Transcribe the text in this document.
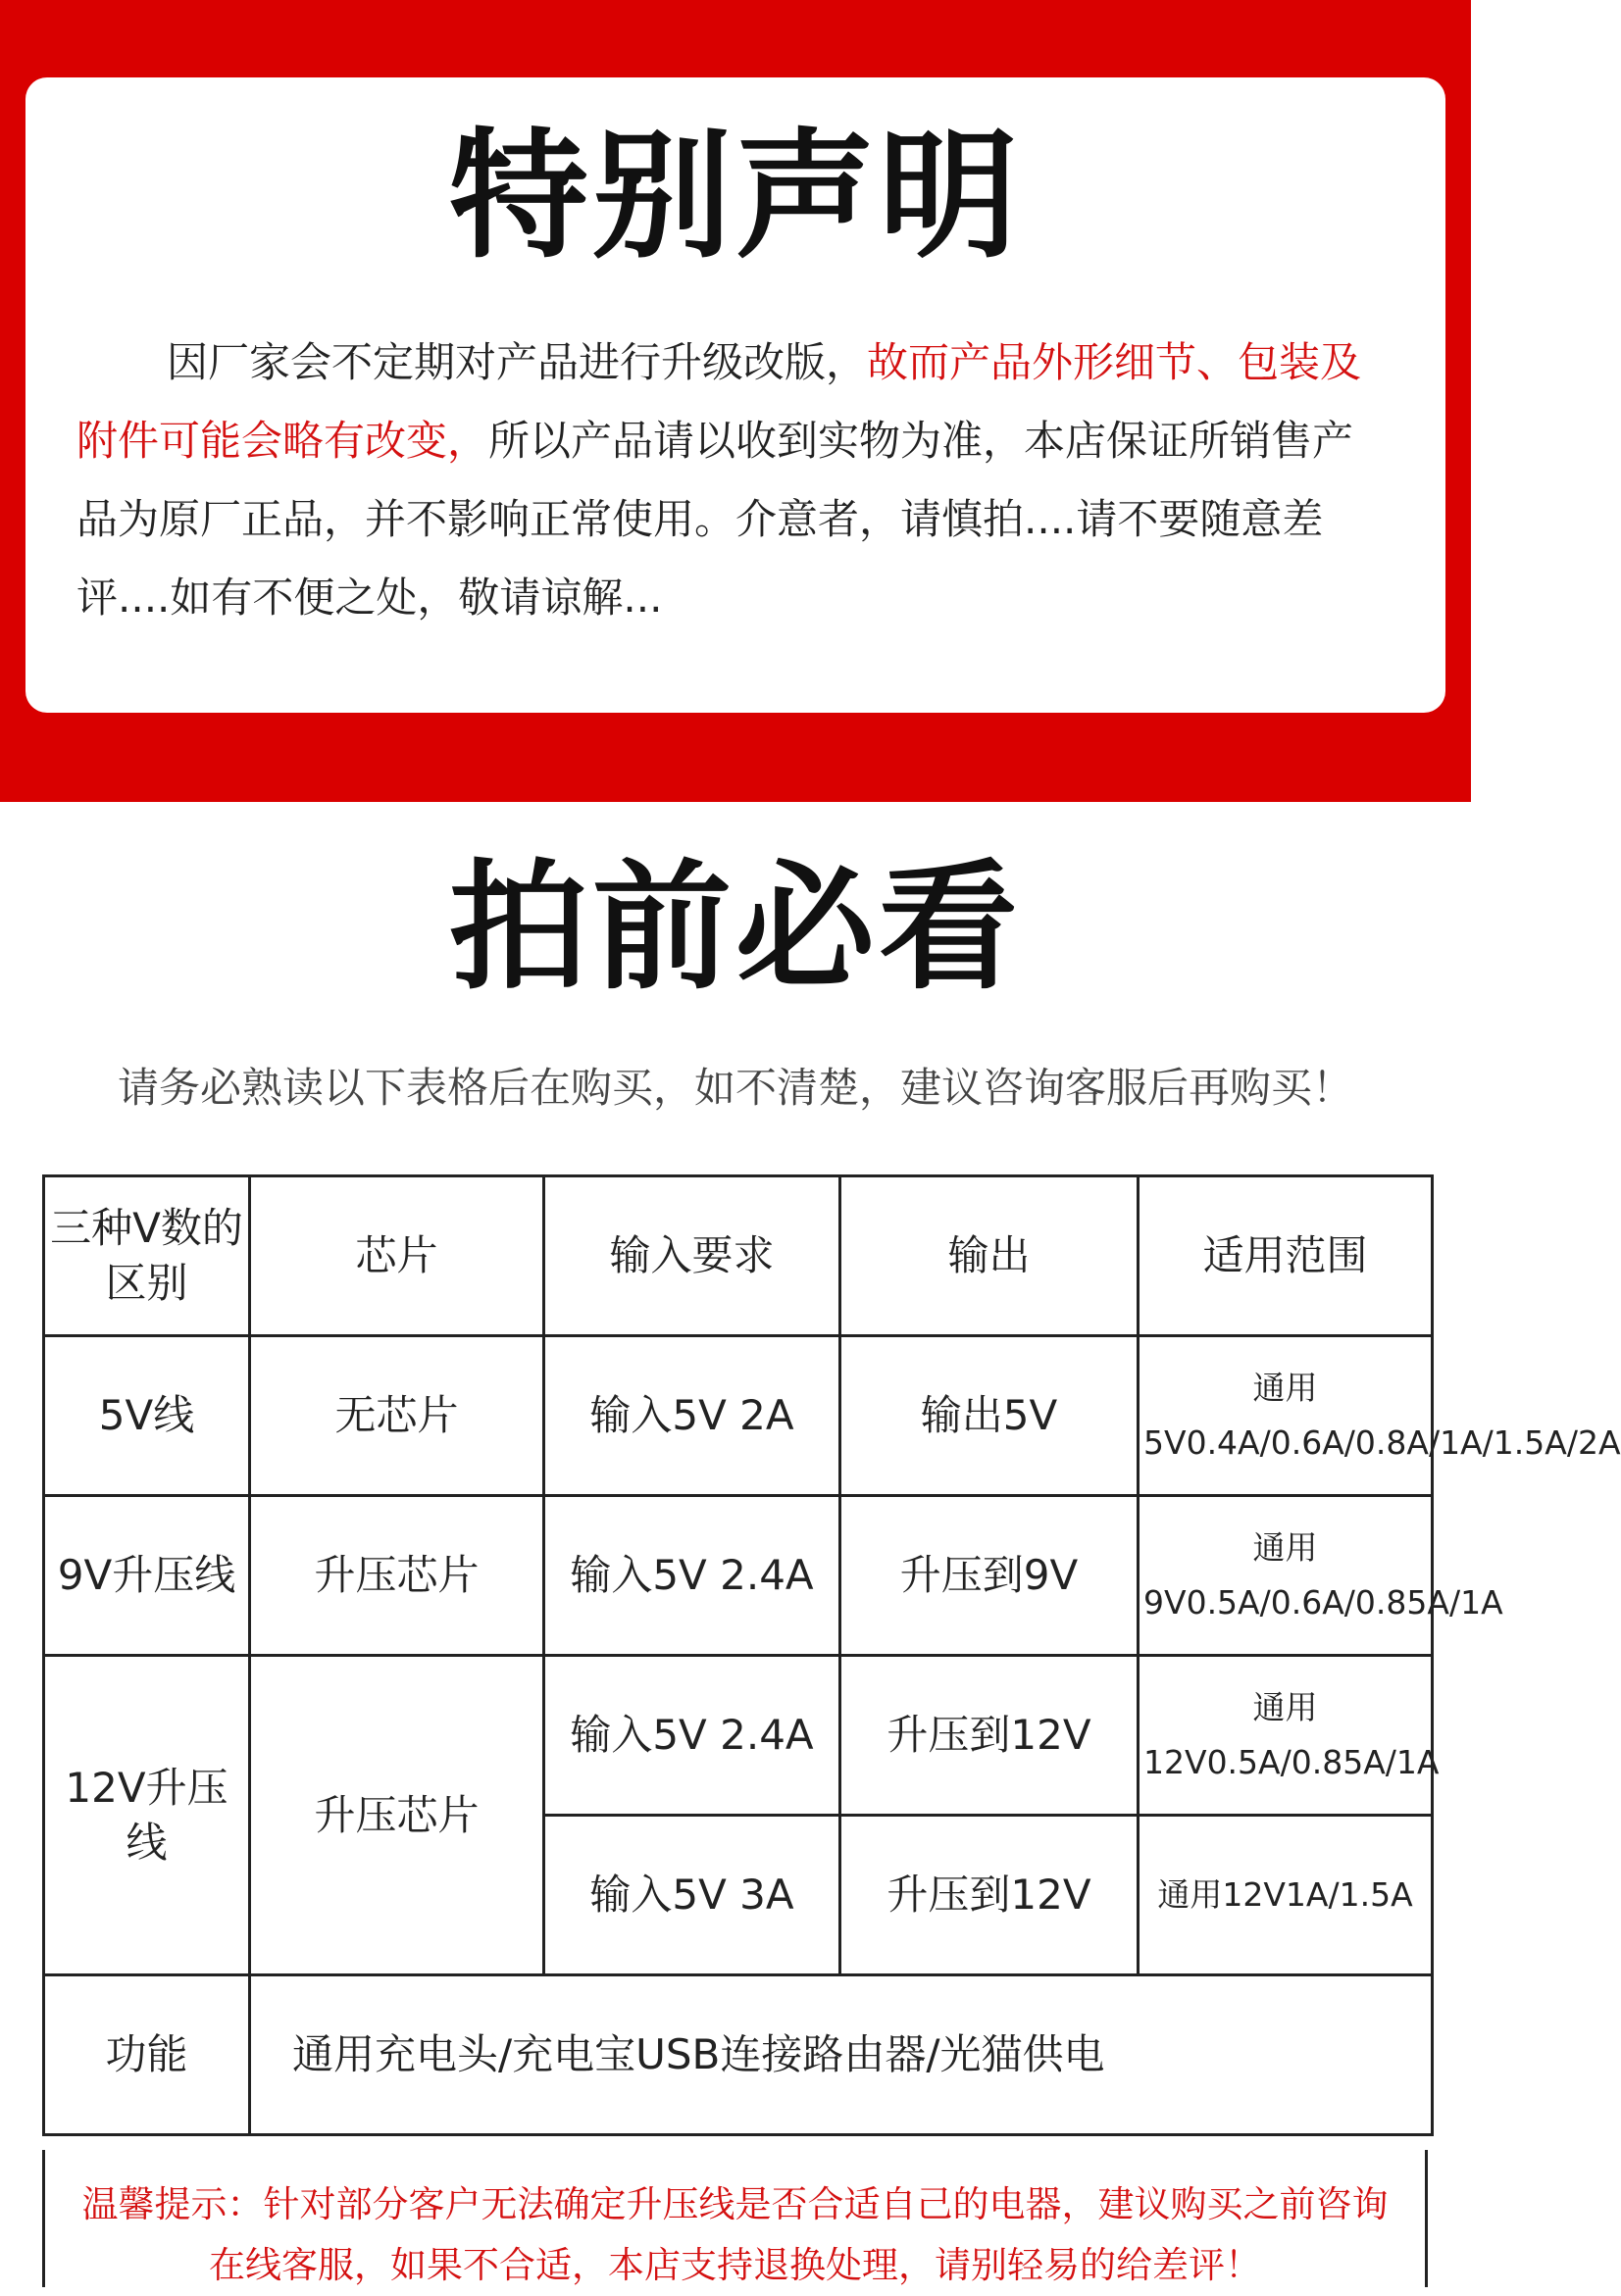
特别声明
因厂家会不定期对产品进行升级改版，故而产品外形细节、包装及附件可能会略有改变，所以产品请以收到实物为准，本店保证所销售产品为原厂正品，并不影响正常使用。介意者，请慎拍....请不要随意差评....如有不便之处，敬请谅解...
拍前必看
请务必熟读以下表格后在购买，如不清楚，建议咨询客服后再购买！
三种V数的区别	芯片	输入要求	输出	适用范围
5V线	无芯片	输入5V 2A	输出5V	通用5V0.4A/0.6A/0.8A/1A/1.5A/2A
9V升压线	升压芯片	输入5V 2.4A	升压到9V	通用9V0.5A/0.6A/0.85A/1A
12V升压线	升压芯片	输入5V 2.4A	升压到12V	通用12V0.5A/0.85A/1A
		输入5V 3A	升压到12V	通用12V1A/1.5A
功能	通用充电头/充电宝USB连接路由器/光猫供电			
温馨提示：针对部分客户无法确定升压线是否合适自己的电器，建议购买之前咨询在线客服，如果不合适，本店支持退换处理，请别轻易的给差评！
